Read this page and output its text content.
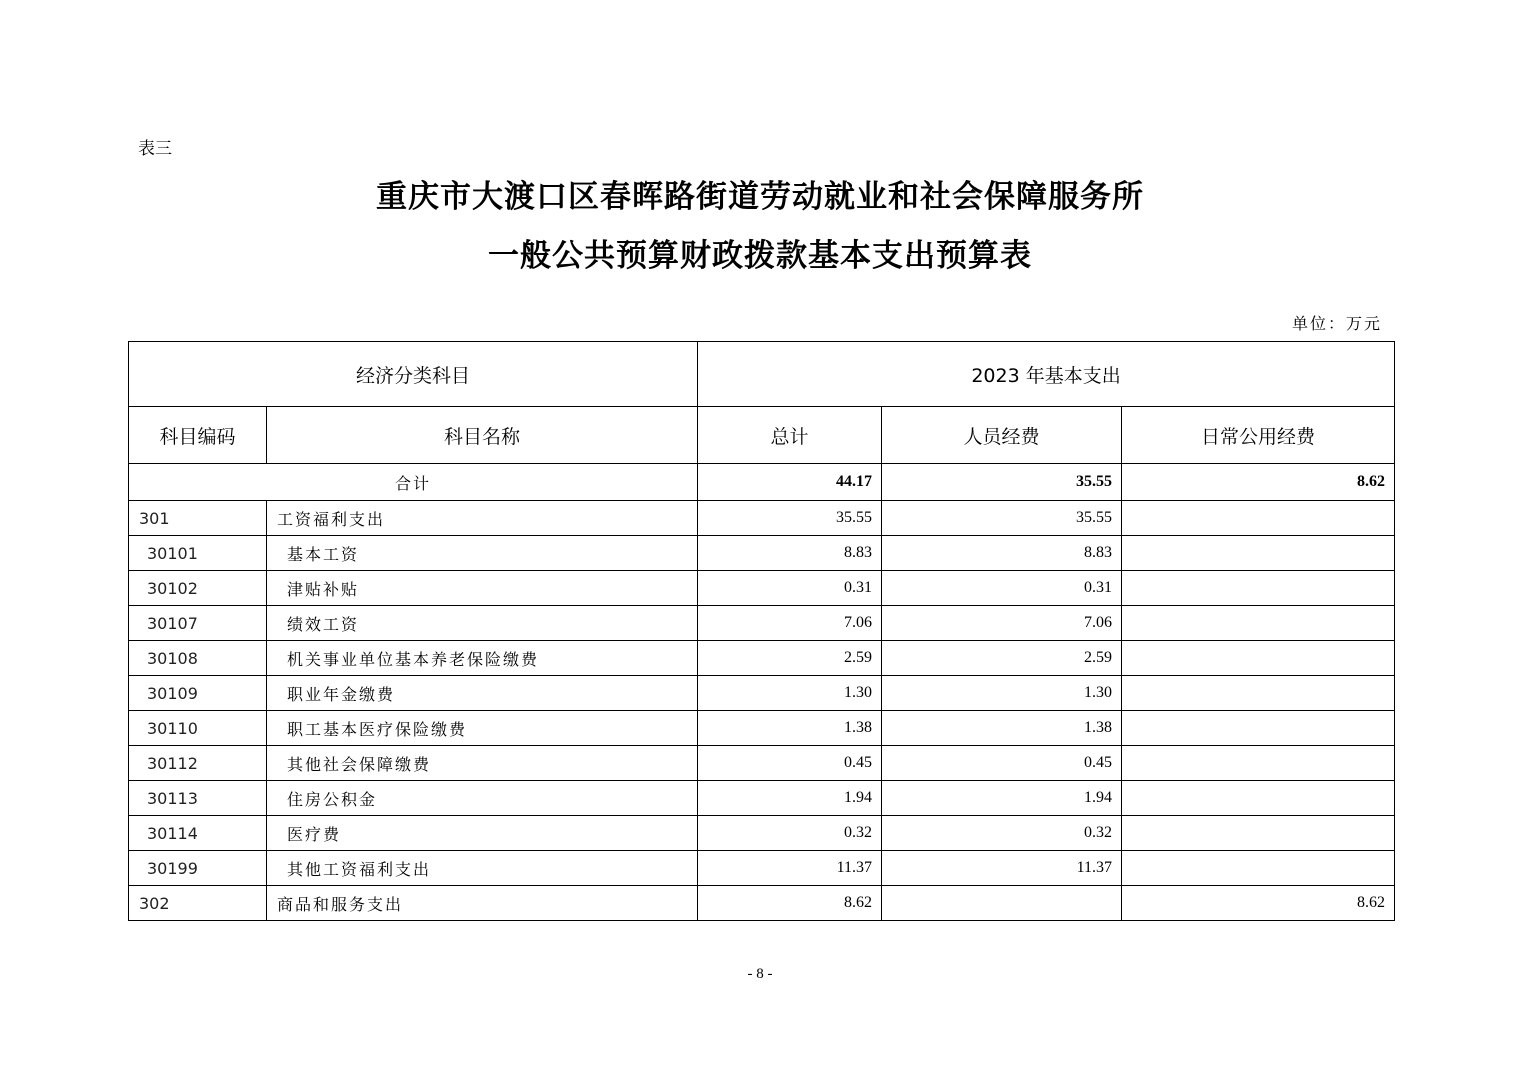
表三
重庆市大渡口区春晖路街道劳动就业和社会保障服务所
一般公共预算财政拨款基本支出预算表
单位：万元
经济分类科目		2023 年基本支出		
科目编码	科目名称	总计	人员经费	日常公用经费
合计		44.17	35.55	8.62
301	工资福利支出	35.55	35.55	
30101	基本工资	8.83	8.83	
30102	津贴补贴	0.31	0.31	
30107	绩效工资	7.06	7.06	
30108	机关事业单位基本养老保险缴费	2.59	2.59	
30109	职业年金缴费	1.30	1.30	
30110	职工基本医疗保险缴费	1.38	1.38	
30112	其他社会保障缴费	0.45	0.45	
30113	住房公积金	1.94	1.94	
30114	医疗费	0.32	0.32	
30199	其他工资福利支出	11.37	11.37	
302	商品和服务支出	8.62		8.62
- 8 -
